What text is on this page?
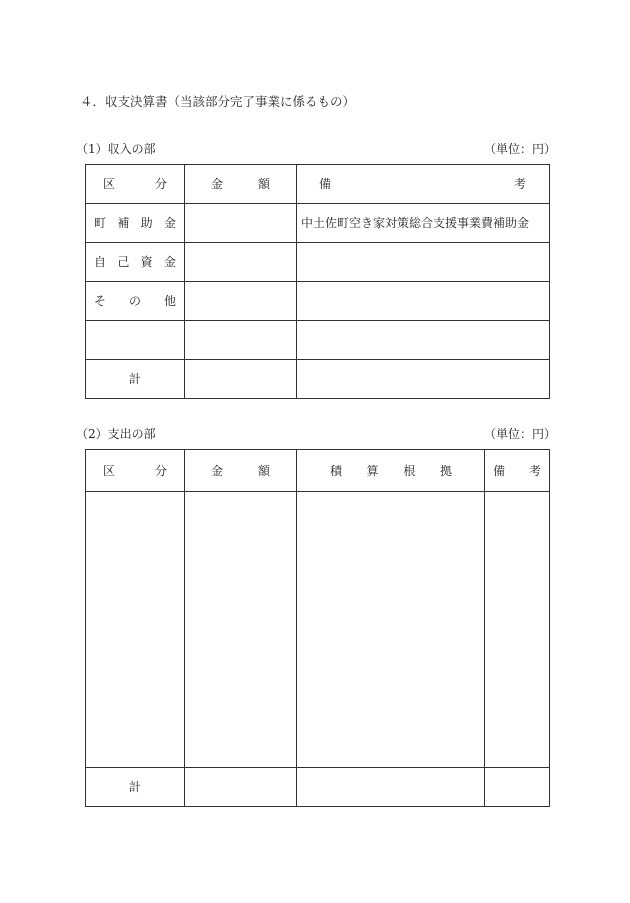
４．収支決算書（当該部分完了事業に係るもの）
（1）収入の部	（単位：円）
区 分	金 額	備 考

町 補 助 金		中土佐町空き家対策総合支援事業費補助金

自 己 資 金		

そ の 他		

計		
（2）支出の部	（単位：円）
区 分	金 額	積 算 根 拠	備 考

計			
